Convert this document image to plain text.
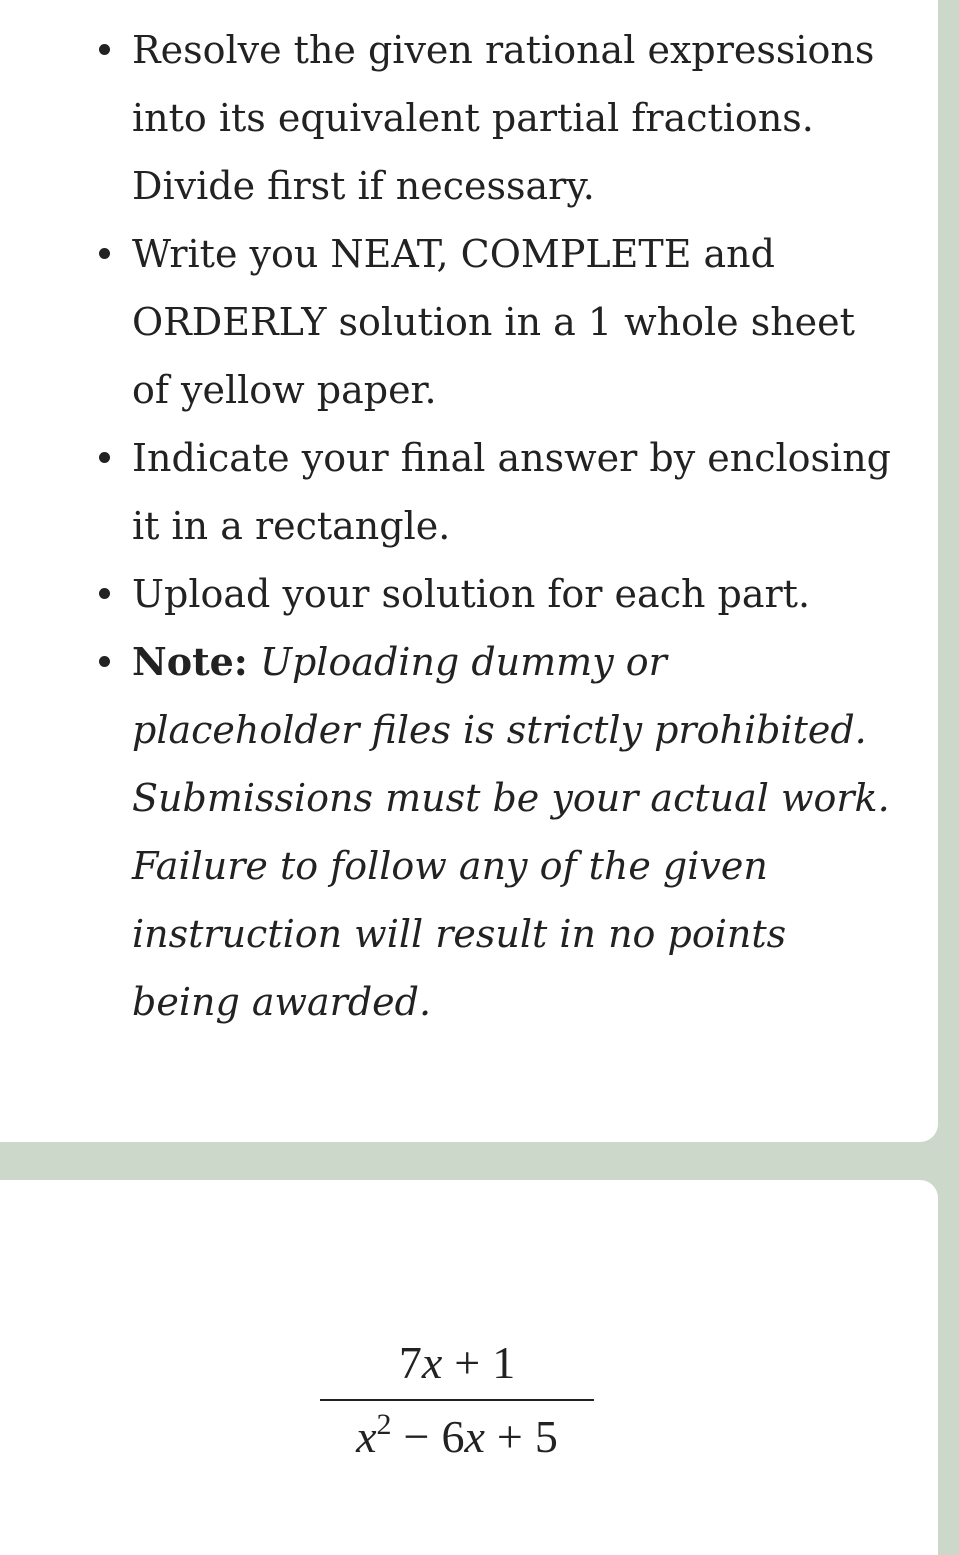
Resolve the given rational expressions into its equivalent partial fractions. Divide first if necessary.
Write you NEAT, COMPLETE and ORDERLY solution in a 1 whole sheet of yellow paper.
Indicate your final answer by enclosing it in a rectangle.
Upload your solution for each part.
Note: Uploading dummy or placeholder files is strictly prohibited. Submissions must be your actual work. Failure to follow any of the given instruction will result in no points being awarded.
7x + 1
$x^2 - 6x + 5$
